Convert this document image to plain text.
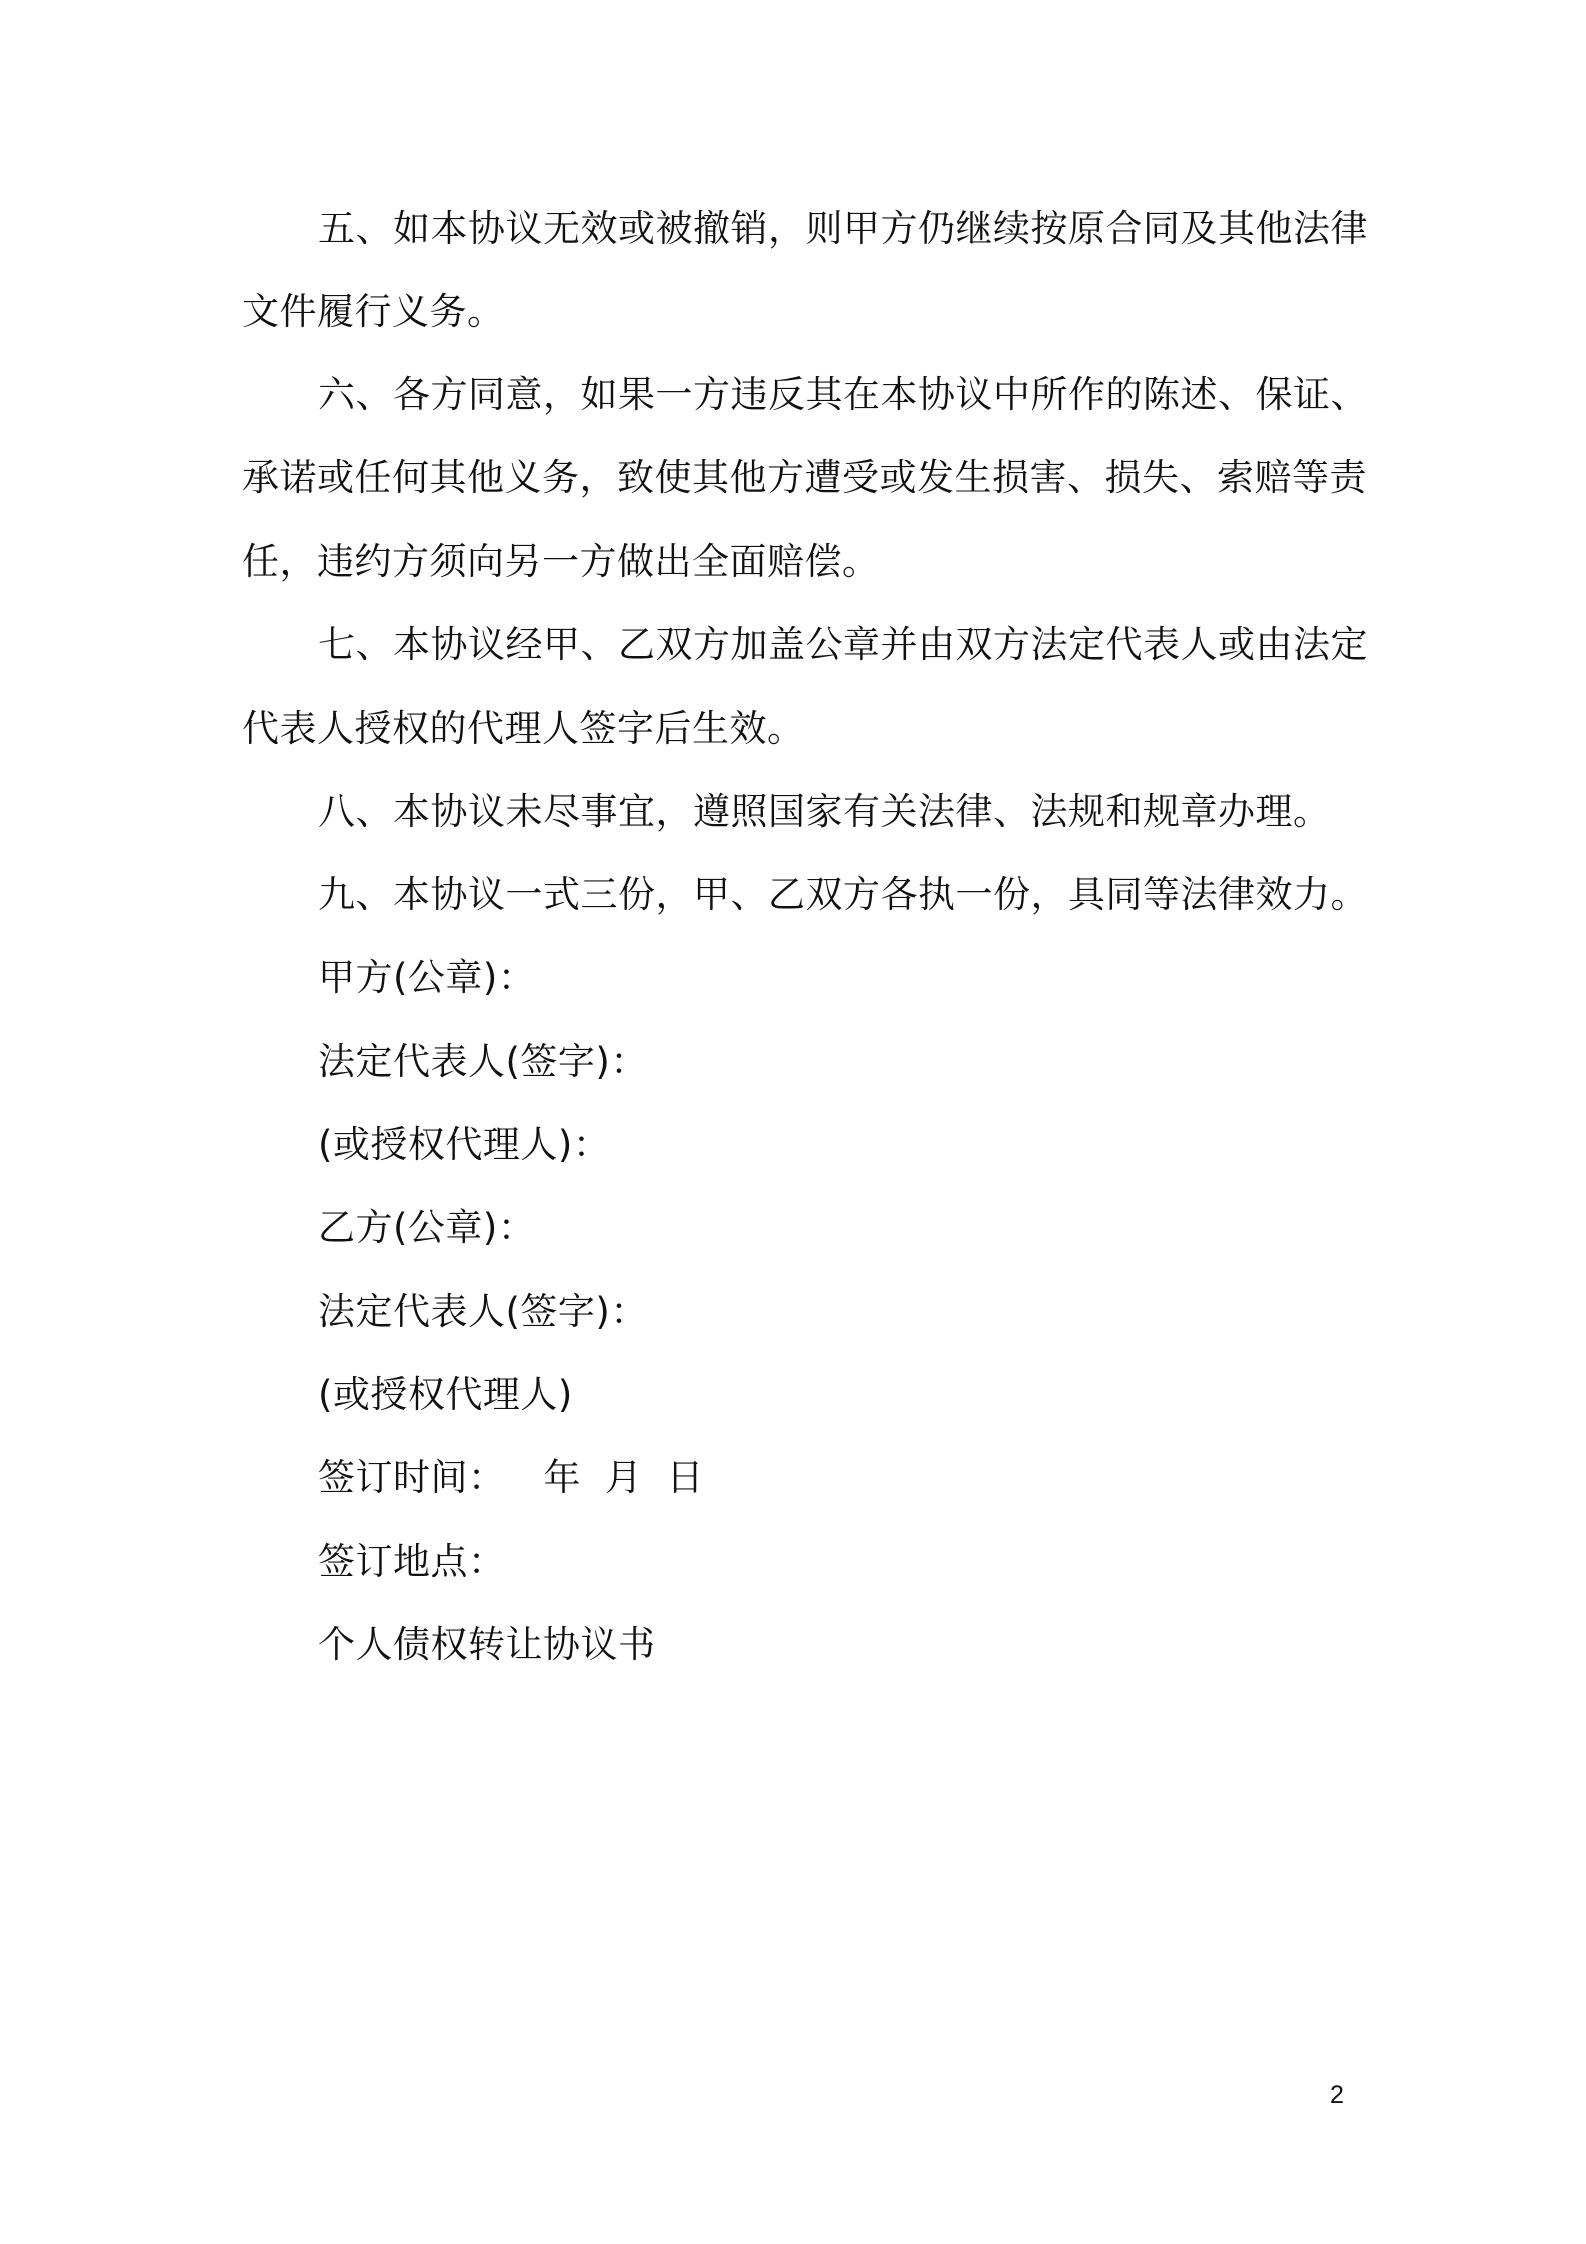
五、如本协议无效或被撤销，则甲方仍继续按原合同及其他法律
文件履行义务。
六、各方同意，如果一方违反其在本协议中所作的陈述、保证、
承诺或任何其他义务，致使其他方遭受或发生损害、损失、索赔等责
任，违约方须向另一方做出全面赔偿。
七、本协议经甲、乙双方加盖公章并由双方法定代表人或由法定
代表人授权的代理人签字后生效。
八、本协议未尽事宜，遵照国家有关法律、法规和规章办理。
九、本协议一式三份，甲、乙双方各执一份，具同等法律效力。
甲方(公章)：
法定代表人(签字)：
(或授权代理人)：
乙方(公章)：
法定代表人(签字)：
(或授权代理人)
签订时间： 年 月 日
签订地点：
个人债权转让协议书
2
